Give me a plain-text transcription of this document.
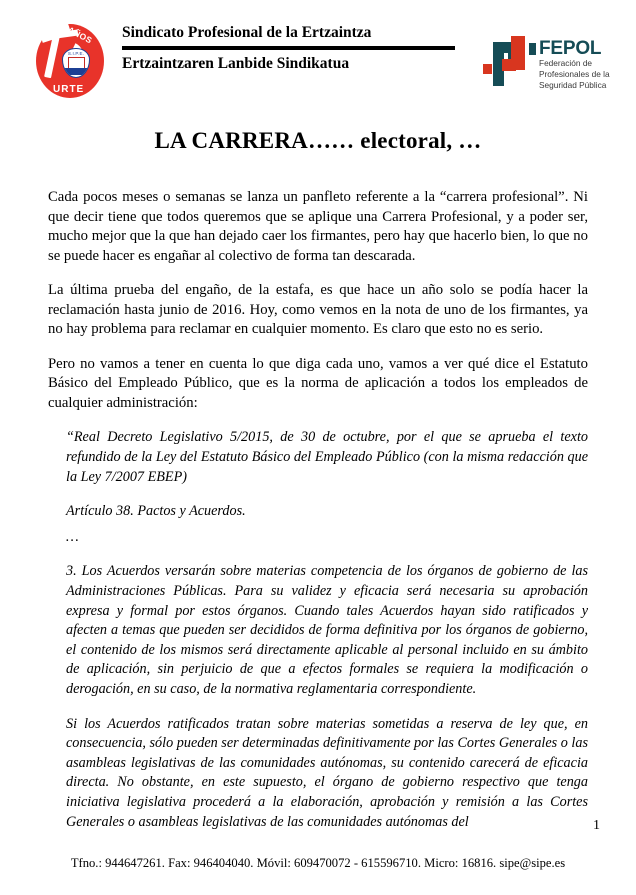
AÑOS
S.I.P.E.
URTE
Sindicato Profesional de la Ertzaintza
Ertzaintzaren Lanbide Sindikatua
FEPOL
Federación de
Profesionales de la
Seguridad Pública
LA CARRERA…… electoral, …

Cada pocos meses o semanas se lanza un panfleto referente a la “carrera profesional”. Ni que decir tiene que todos queremos que se aplique una Carrera Profesional, y a poder ser, mucho mejor que la que han dejado caer los firmantes, pero hay que hacerlo bien, lo que no se puede hacer es engañar al colectivo de forma tan descarada.

La última prueba del engaño, de la estafa, es que hace un año solo se podía hacer la reclamación hasta junio de 2016. Hoy, como vemos en la nota de uno de los firmantes, ya no hay problema para reclamar en cualquier momento. Es claro que esto no es serio.

Pero no vamos a tener en cuenta lo que diga cada uno, vamos a ver qué dice el Estatuto Básico del Empleado Público, que es la norma de aplicación a todos los empleados de cualquier administración:

“Real Decreto Legislativo 5/2015, de 30 de octubre, por el que se aprueba el texto refundido de la Ley del Estatuto Básico del Empleado Público (con la misma redacción que la Ley 7/2007 EBEP)

Artículo 38. Pactos y Acuerdos.

…

3. Los Acuerdos versarán sobre materias competencia de los órganos de gobierno de las Administraciones Públicas. Para su validez y eficacia será necesaria su aprobación expresa y formal por estos órganos. Cuando tales Acuerdos hayan sido ratificados y afecten a temas que pueden ser decididos de forma definitiva por los órganos de gobierno, el contenido de los mismos será directamente aplicable al personal incluido en su ámbito de aplicación, sin perjuicio de que a efectos formales se requiera la modificación o derogación, en su caso, de la normativa reglamentaria correspondiente.

Si los Acuerdos ratificados tratan sobre materias sometidas a reserva de ley que, en consecuencia, sólo pueden ser determinadas definitivamente por las Cortes Generales o las asambleas legislativas de las comunidades autónomas, su contenido carecerá de eficacia directa. No obstante, en este supuesto, el órgano de gobierno respectivo que tenga iniciativa legislativa procederá a la elaboración, aprobación y remisión a las Cortes Generales o asambleas legislativas de las comunidades autónomas del	1
Tfno.: 944647261. Fax: 946404040. Móvil: 609470072 - 615596710. Micro: 16816. sipe@sipe.es
